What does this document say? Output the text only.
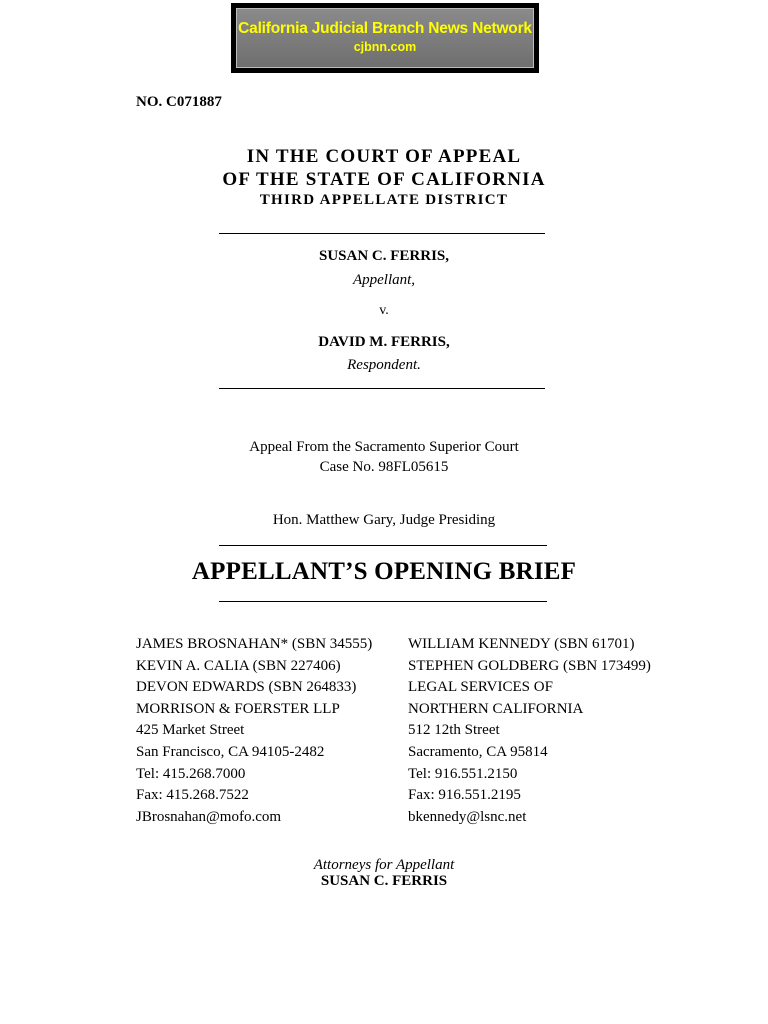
California Judicial Branch News Network
cjbnn.com
NO. C071887
IN THE COURT OF APPEAL
OF THE STATE OF CALIFORNIA
THIRD APPELLATE DISTRICT
SUSAN C. FERRIS,
Appellant,
v.
DAVID M. FERRIS,
Respondent.
Appeal From the Sacramento Superior Court
Case No. 98FL05615
Hon. Matthew Gary, Judge Presiding
APPELLANT’S OPENING BRIEF
JAMES BROSNAHAN* (SBN 34555)
KEVIN A. CALIA (SBN 227406)
DEVON EDWARDS (SBN 264833)
MORRISON & FOERSTER LLP
425 Market Street
San Francisco, CA 94105-2482
Tel: 415.268.7000
Fax: 415.268.7522
JBrosnahan@mofo.com
WILLIAM KENNEDY (SBN 61701)
STEPHEN GOLDBERG (SBN 173499)
LEGAL SERVICES OF
NORTHERN CALIFORNIA
512 12th Street
Sacramento, CA 95814
Tel: 916.551.2150
Fax: 916.551.2195
bkennedy@lsnc.net
Attorneys for Appellant
SUSAN C. FERRIS
